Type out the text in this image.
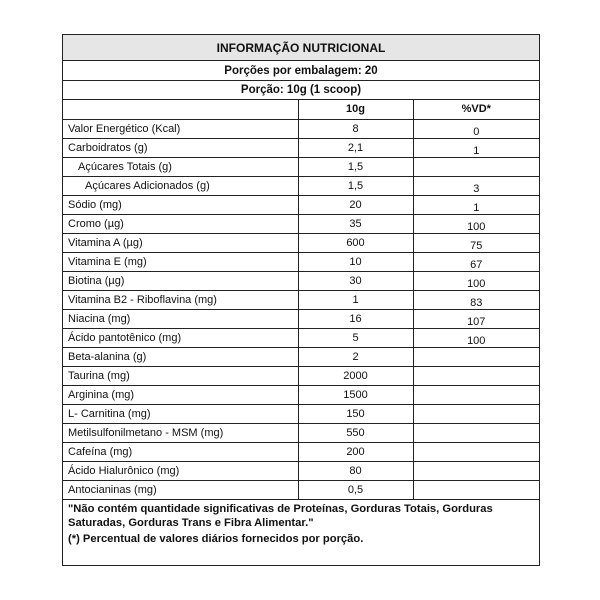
INFORMAÇÃO NUTRICIONAL
Porções por embalagem: 20
Porção: 10g (1 scoop)
	10g	%VD*
Valor Energético (Kcal)	8	0
Carboidratos (g)	2,1	1
Açúcares Totais (g)	1,5	
Açúcares Adicionados (g)	1,5	3
Sódio (mg)	20	1
Cromo (µg)	35	100
Vitamina A (µg)	600	75
Vitamina E (mg)	10	67
Biotina (µg)	30	100
Vitamina B2 - Riboflavina (mg)	1	83
Niacina (mg)	16	107
Ácido pantotênico (mg)	5	100
Beta-alanina (g)	2	
Taurina (mg)	2000	
Arginina (mg)	1500	
L- Carnitina (mg)	150	
Metilsulfonilmetano - MSM (mg)	550	
Cafeína (mg)	200	
Ácido Hialurônico (mg)	80	
Antocianinas (mg)	0,5	

"Não contém quantidade significativas de Proteínas, Gorduras Totais, Gorduras Saturadas, Gorduras Trans e Fibra Alimentar."

(*) Percentual de valores diários fornecidos por porção.
